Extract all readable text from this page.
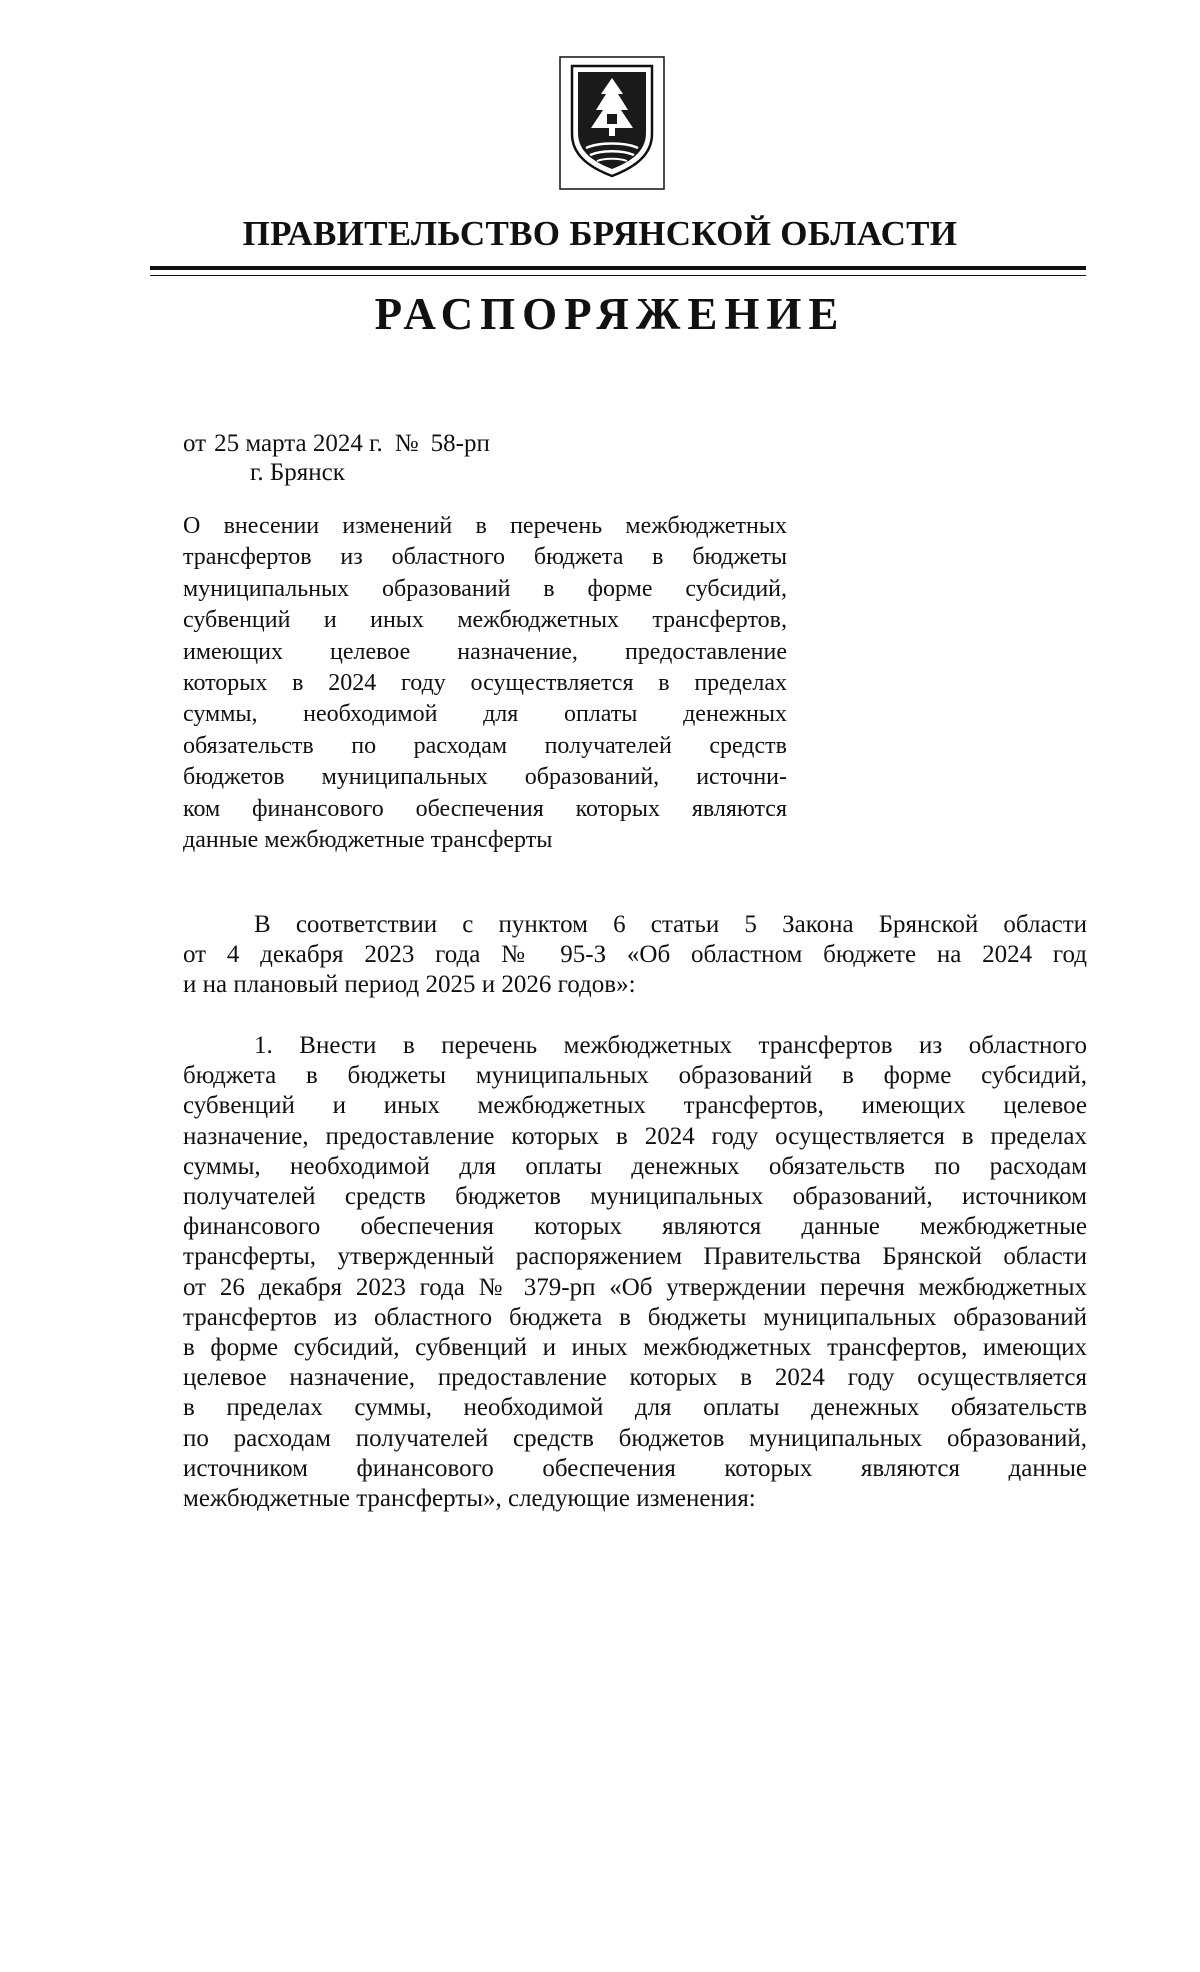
ПРАВИТЕЛЬСТВО БРЯНСКОЙ ОБЛАСТИ
РАСПОРЯЖЕНИЕ
от 25 марта 2024 г. № 58-рп
г. Брянск
О внесении изменений в перечень межбюджетных
трансфертов из областного бюджета в бюджеты
муниципальных образований в форме субсидий,
субвенций и иных межбюджетных трансфертов,
имеющих целевое назначение, предоставление
которых в 2024 году осуществляется в пределах
суммы, необходимой для оплаты денежных
обязательств по расходам получателей средств
бюджетов муниципальных образований, источни-
ком финансового обеспечения которых являются
данные межбюджетные трансферты
В соответствии с пунктом 6 статьи 5 Закона Брянской области
от 4 декабря 2023 года № 95-З «Об областном бюджете на 2024 год
и на плановый период 2025 и 2026 годов»:
1. Внести в перечень межбюджетных трансфертов из областного
бюджета в бюджеты муниципальных образований в форме субсидий,
субвенций и иных межбюджетных трансфертов, имеющих целевое
назначение, предоставление которых в 2024 году осуществляется в пределах
суммы, необходимой для оплаты денежных обязательств по расходам
получателей средств бюджетов муниципальных образований, источником
финансового обеспечения которых являются данные межбюджетные
трансферты, утвержденный распоряжением Правительства Брянской области
от 26 декабря 2023 года № 379-рп «Об утверждении перечня межбюджетных
трансфертов из областного бюджета в бюджеты муниципальных образований
в форме субсидий, субвенций и иных межбюджетных трансфертов, имеющих
целевое назначение, предоставление которых в 2024 году осуществляется
в пределах суммы, необходимой для оплаты денежных обязательств
по расходам получателей средств бюджетов муниципальных образований,
источником финансового обеспечения которых являются данные
межбюджетные трансферты», следующие изменения:
